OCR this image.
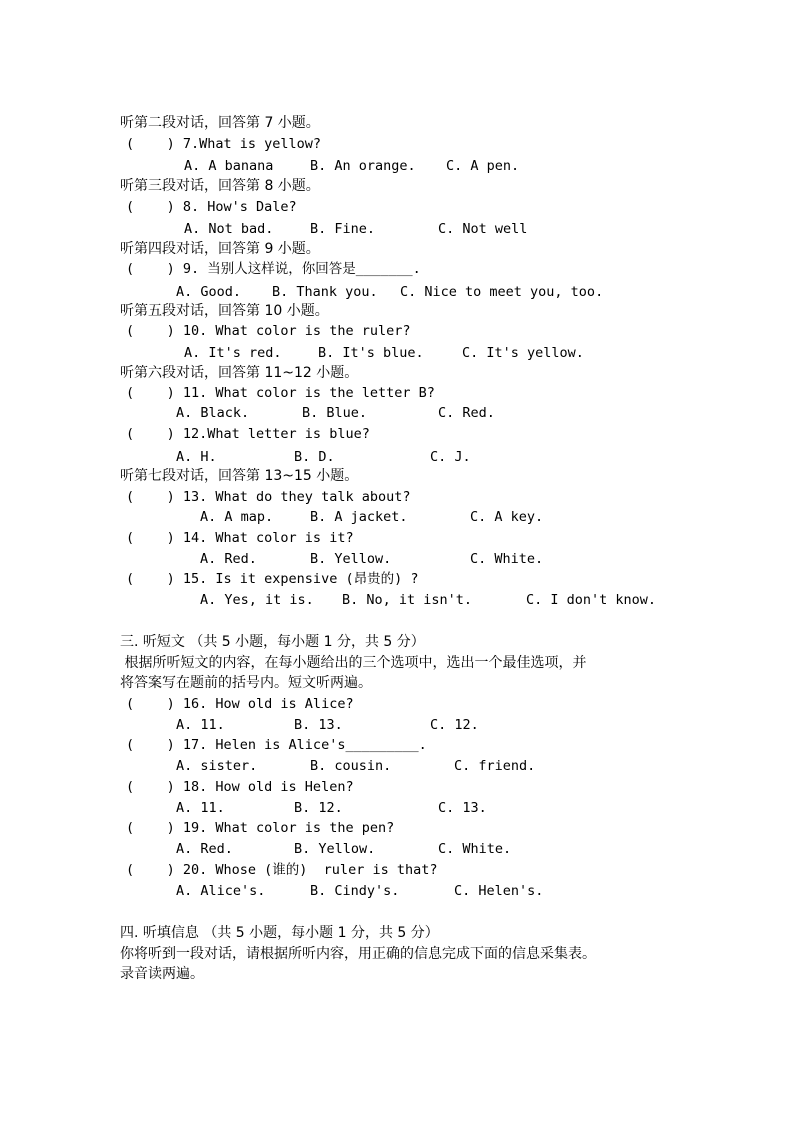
听第二段对话，回答第 7 小题。
(    ) 7.What is yellow?
A. A banana	B. An orange. C. A pen.
听第三段对话，回答第 8 小题。
(    ) 8. How's Dale?
A. Not bad.	B. Fine.	C. Not well
听第四段对话，回答第 9 小题。
(    ) 9. 当别人这样说，你回答是_______.
A. Good. B. Thank you. C. Nice to meet you, too.
听第五段对话，回答第 10 小题。
(    ) 10. What color is the ruler?
A. It's red.	B. It's blue.	C. It's yellow.
听第六段对话，回答第 11~12 小题。
(    ) 11. What color is the letter B?
A. Black.	B. Blue.	C. Red.
(    ) 12.What letter is blue?
A. H.	B. D.	C. J.
听第七段对话，回答第 13~15 小题。
(    ) 13. What do they talk about?
A. A map.	B. A jacket.	C. A key.
(    ) 14. What color is it?
A. Red.	B. Yellow.	C. White.
(    ) 15. Is it expensive (昂贵的) ?
A. Yes, it is. B. No, it isn't.	C. I don't know.
三. 听短文 （共 5 小题，每小题 1 分，共 5 分）
根据所听短文的内容，在每小题给出的三个选项中，选出一个最佳选项，并
将答案写在题前的括号内。短文听两遍。
(    ) 16. How old is Alice?
A. 11.	B. 13.	C. 12.
(    ) 17. Helen is Alice's_________.
A. sister.	B. cousin.	C. friend.
(    ) 18. How old is Helen?
A. 11.	B. 12.	C. 13.
(    ) 19. What color is the pen?
A. Red.	B. Yellow.	C. White.
(    ) 20. Whose (谁的)  ruler is that?
A. Alice's.	B. Cindy's.	C. Helen's.
四. 听填信息 （共 5 小题，每小题 1 分，共 5 分）
你将听到一段对话，请根据所听内容，用正确的信息完成下面的信息采集表。
录音读两遍。
